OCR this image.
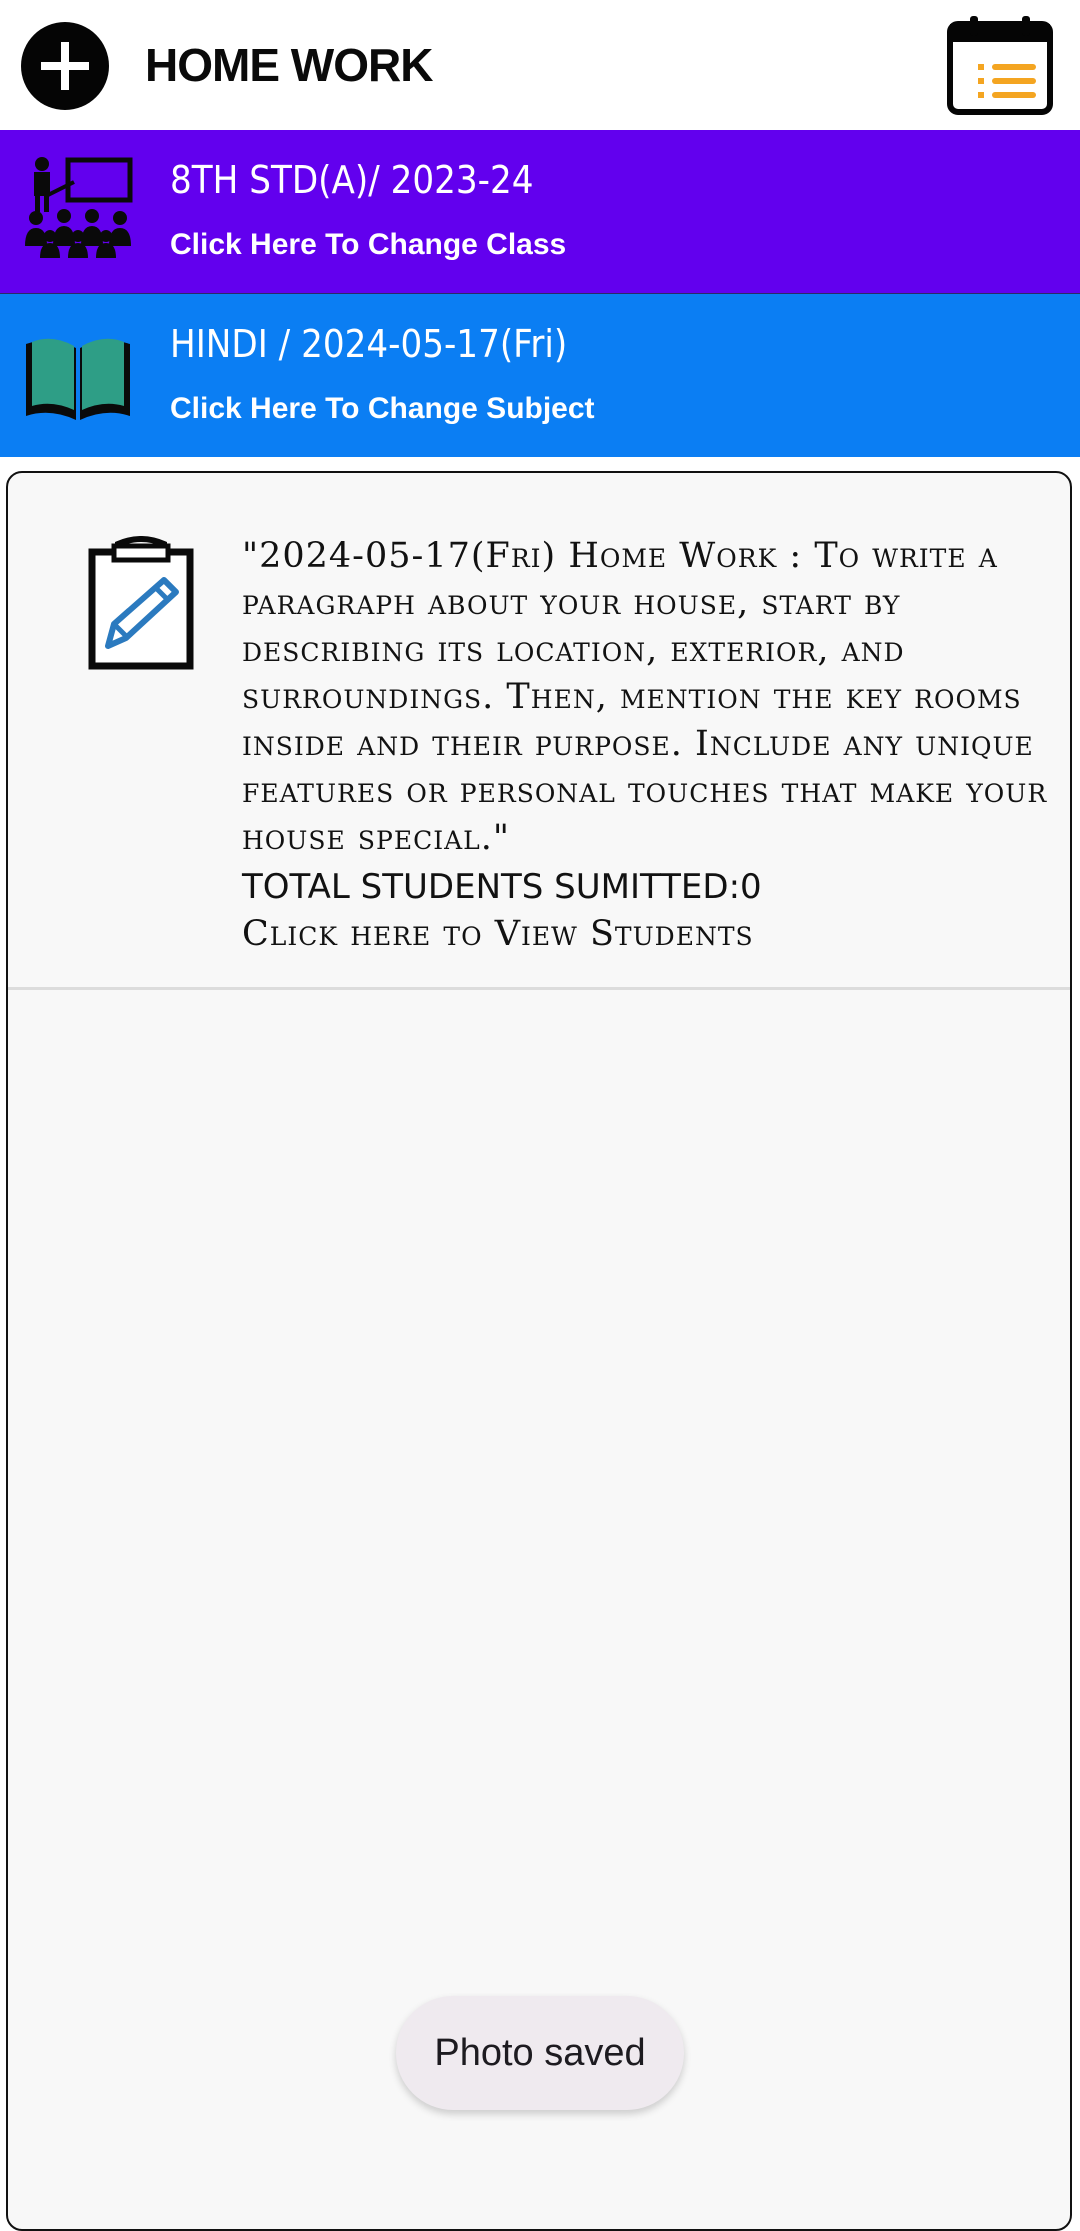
HOME WORK
8TH STD(A)/ 2023-24
Click Here To Change Class
HINDI / 2024-05-17(Fri)
Click Here To Change Subject
"2024-05-17(Fri) Home Work : To write a paragraph about your house, start by describing its location, exterior, and surroundings. Then, mention the key rooms inside and their purpose. Include any unique features or personal touches that make your house special."
TOTAL STUDENTS SUMITTED:0
Click here to View Students
Photo saved
